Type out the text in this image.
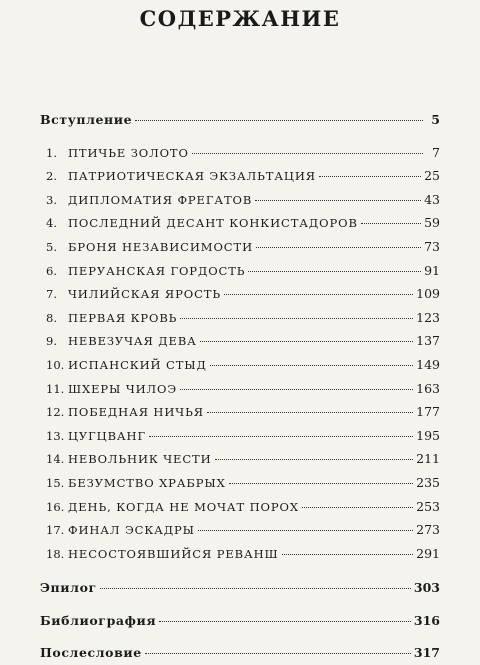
СОДЕРЖАНИЕ
Вступление	5
1. ПТИЧЬЕ ЗОЛОТО	7
2. ПАТРИОТИЧЕСКАЯ ЭКЗАЛЬТАЦИЯ	25
3. ДИПЛОМАТИЯ ФРЕГАТОВ	43
4. ПОСЛЕДНИЙ ДЕСАНТ КОНКИСТАДОРОВ	59
5. БРОНЯ НЕЗАВИСИМОСТИ	73
6. ПЕРУАНСКАЯ ГОРДОСТЬ	91
7. ЧИЛИЙСКАЯ ЯРОСТЬ	109
8. ПЕРВАЯ КРОВЬ	123
9. НЕВЕЗУЧАЯ ДЕВА	137
10. ИСПАНСКИЙ СТЫД	149
11. ШХЕРЫ ЧИЛОЭ	163
12. ПОБЕДНАЯ НИЧЬЯ	177
13. ЦУГЦВАНГ	195
14. НЕВОЛЬНИК ЧЕСТИ	211
15. БЕЗУМСТВО ХРАБРЫХ	235
16. ДЕНЬ, КОГДА НЕ МОЧАТ ПОРОХ	253
17. ФИНАЛ ЭСКАДРЫ	273
18. НЕСОСТОЯВШИЙСЯ РЕВАНШ	291
Эпилог	303
Библиография	316
Послесловие	317
